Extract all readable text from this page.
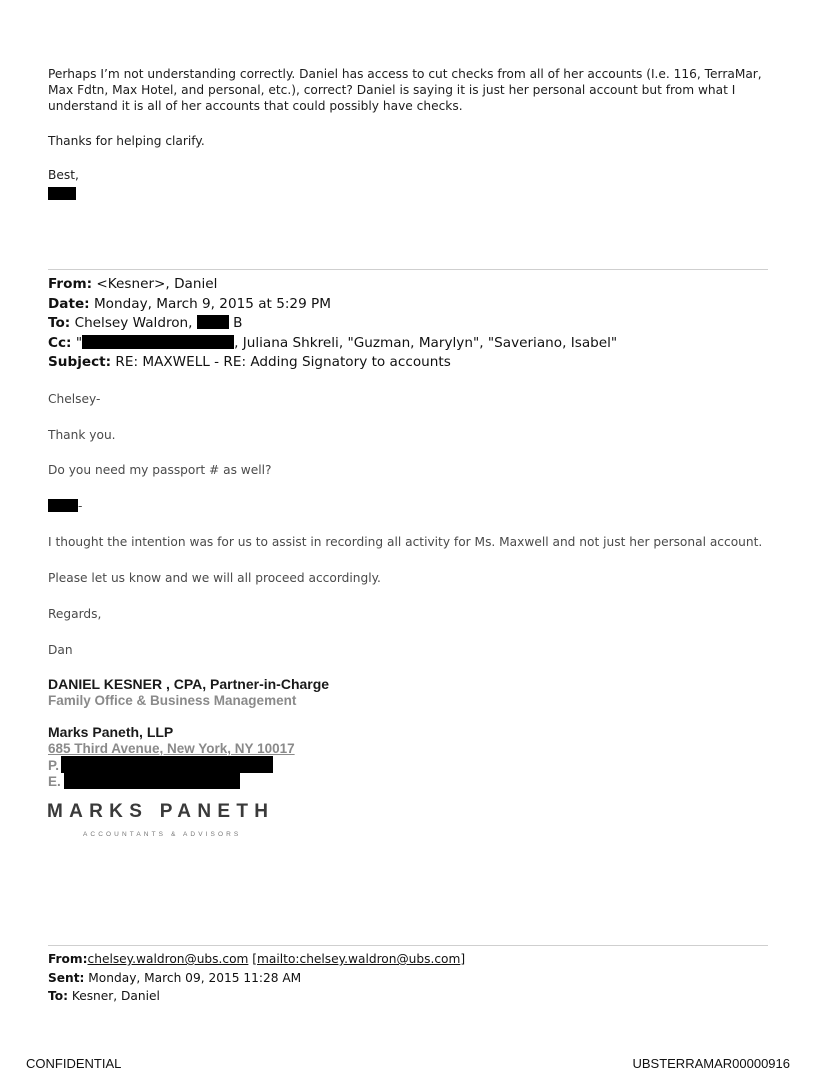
Perhaps I’m not understanding correctly. Daniel has access to cut checks from all of her accounts (I.e. 116, TerraMar, Max Fdtn, Max Hotel, and personal, etc.), correct? Daniel is saying it is just her personal account but from what I understand it is all of her accounts that could possibly have checks.
Thanks for helping clarify.
Best,
From: <Kesner>, Daniel
Date: Monday, March 9, 2015 at 5:29 PM
To: Chelsey Waldron,	B
Cc: "	, Juliana Shkreli, "Guzman, Marylyn", "Saveriano, Isabel"
Subject: RE: MAXWELL - RE: Adding Signatory to accounts
Chelsey-
Thank you.
Do you need my passport # as well?
-
I thought the intention was for us to assist in recording all activity for Ms. Maxwell and not just her personal account.
Please let us know and we will all proceed accordingly.
Regards,
Dan
DANIEL KESNER , CPA, Partner-in-Charge
Family Office & Business Management
Marks Paneth, LLP
685 Third Avenue, New York, NY 10017
P.
E.
MARKS PANETH
ACCOUNTANTS & ADVISORS
From:chelsey.waldron@ubs.com [mailto:chelsey.waldron@ubs.com]
Sent: Monday, March 09, 2015 11:28 AM
To: Kesner, Daniel
CONFIDENTIAL	UBSTERRAMAR00000916
